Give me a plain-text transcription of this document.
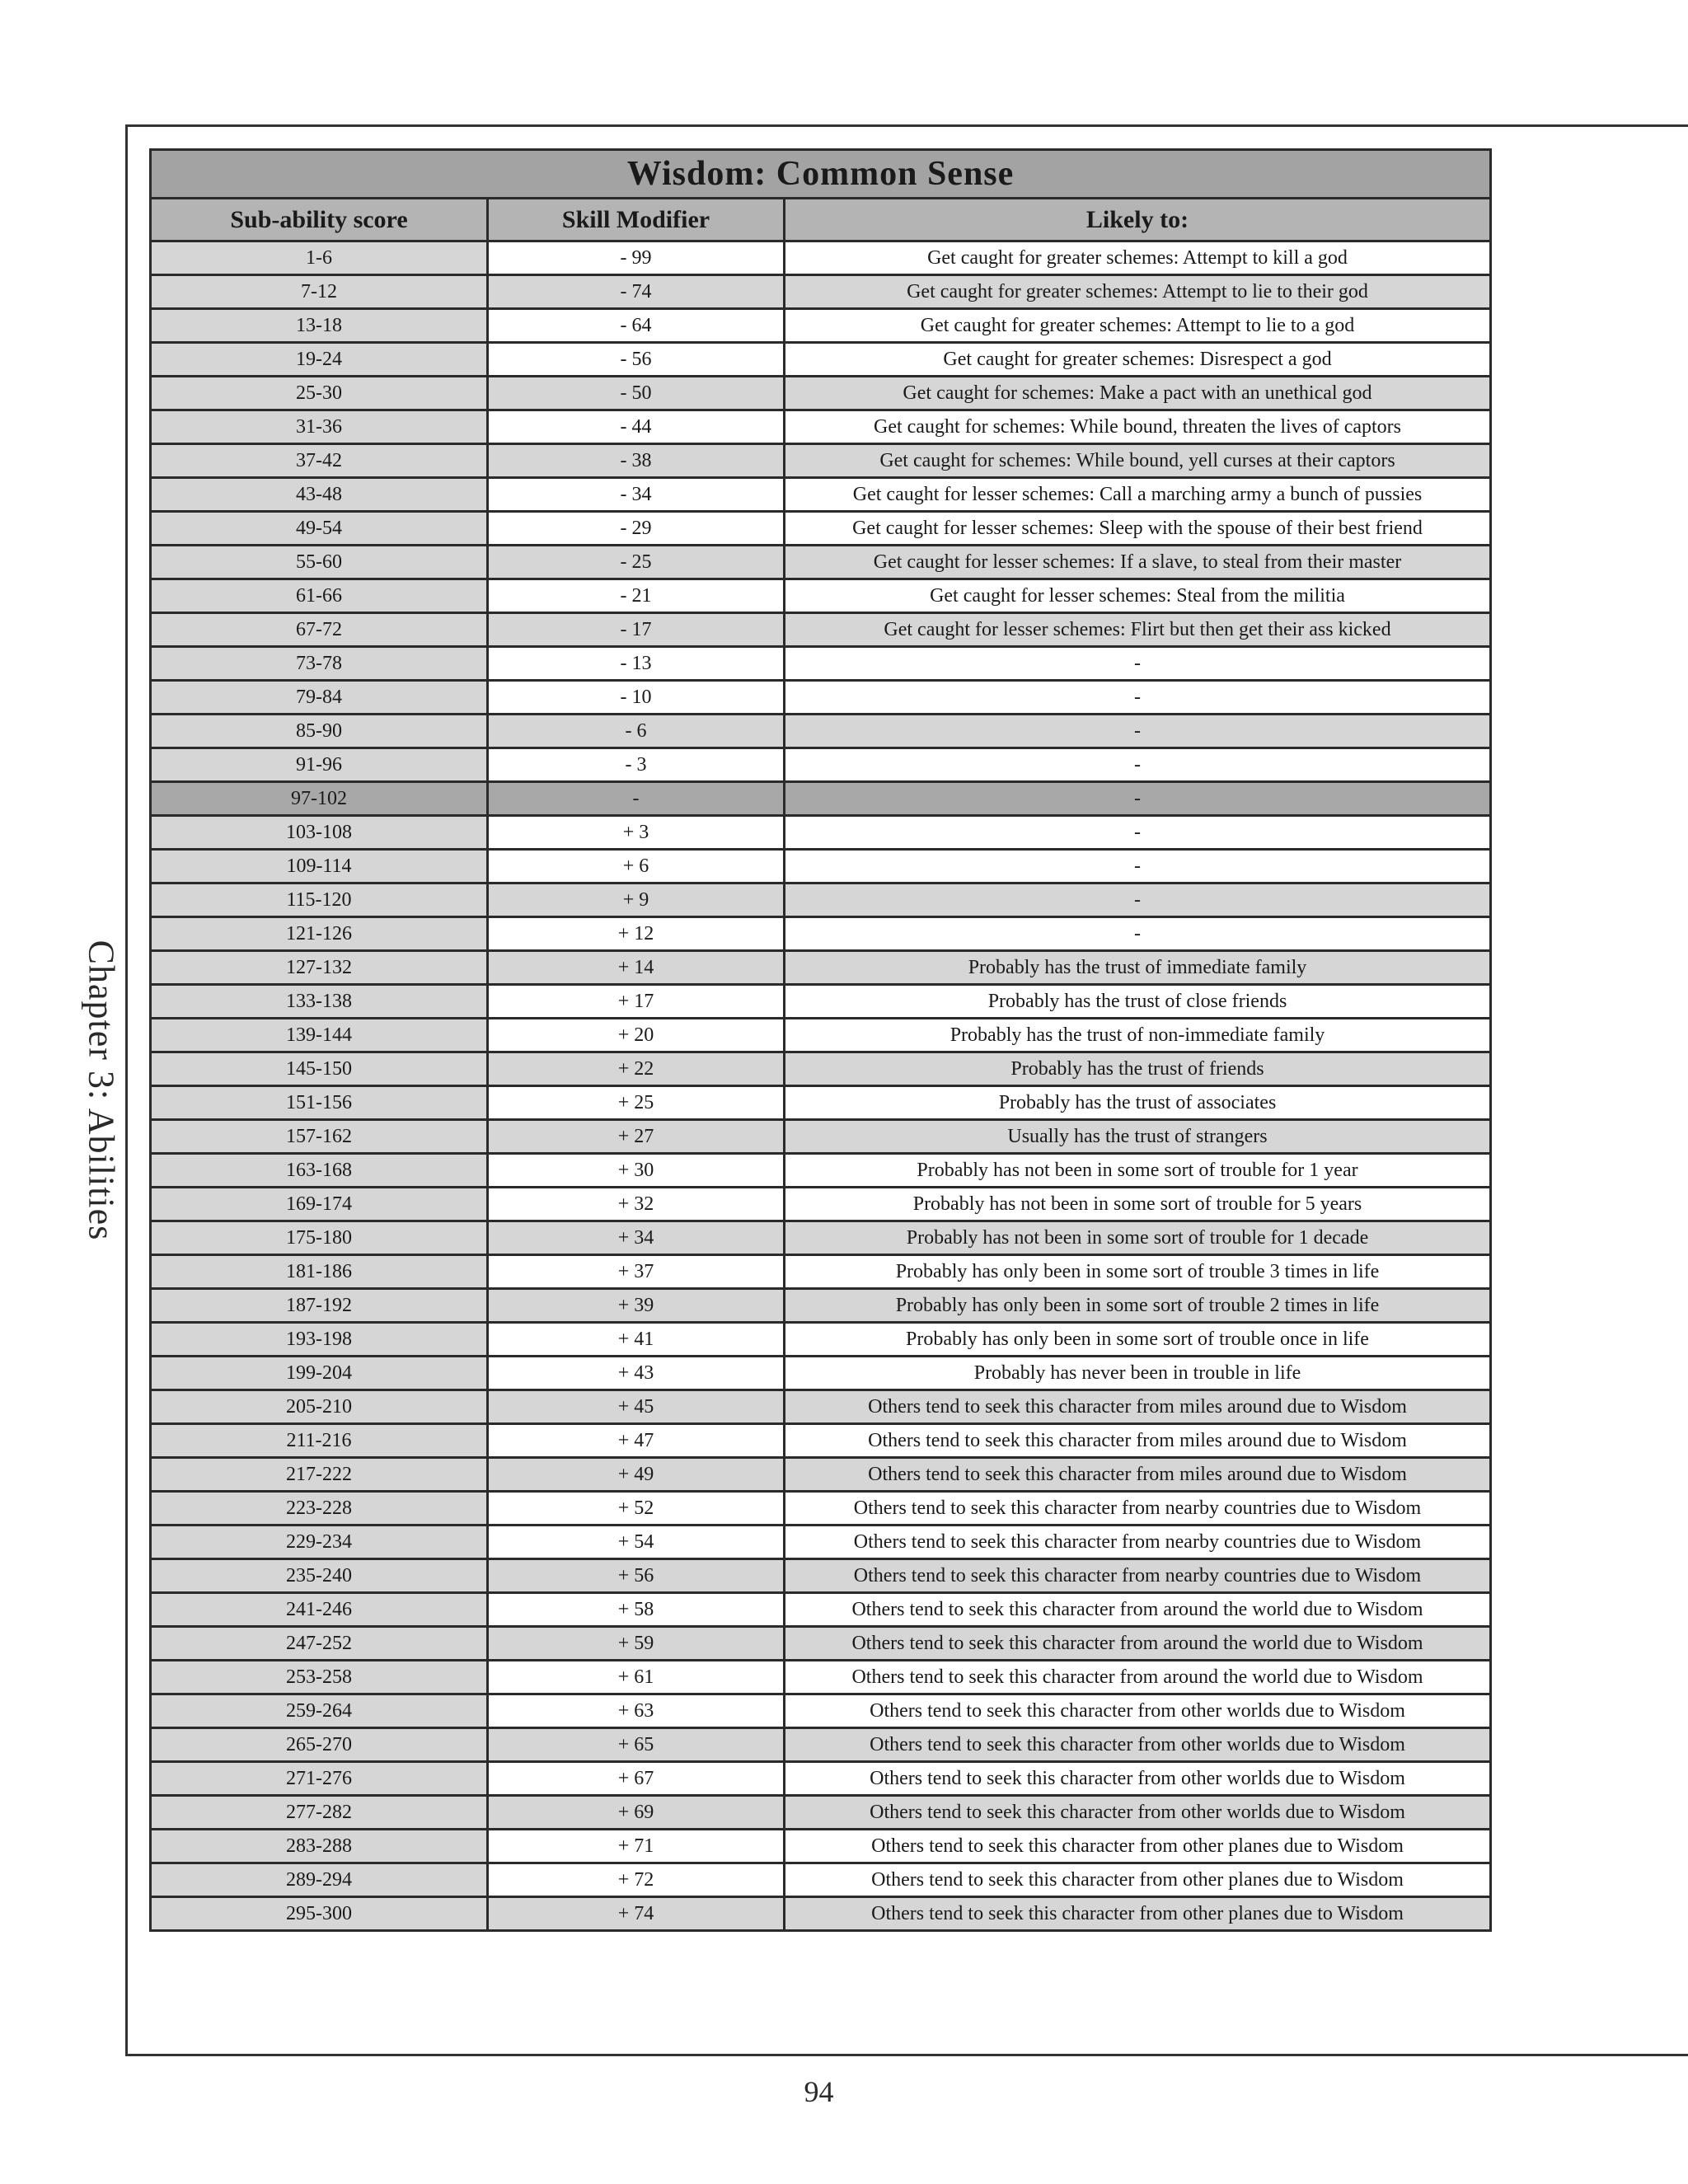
Chapter 3: Abilities
Wisdom: Common Sense		
Sub-ability score	Skill Modifier	Likely to:
1-6	- 99	Get caught for greater schemes: Attempt to kill a god
7-12	- 74	Get caught for greater schemes: Attempt to lie to their god
13-18	- 64	Get caught for greater schemes: Attempt to lie to a god
19-24	- 56	Get caught for greater schemes: Disrespect a god
25-30	- 50	Get caught for schemes: Make a pact with an unethical god
31-36	- 44	Get caught for schemes: While bound, threaten the lives of captors
37-42	- 38	Get caught for schemes: While bound, yell curses at their captors
43-48	- 34	Get caught for lesser schemes: Call a marching army a bunch of pussies
49-54	- 29	Get caught for lesser schemes: Sleep with the spouse of their best friend
55-60	- 25	Get caught for lesser schemes: If a slave, to steal from their master
61-66	- 21	Get caught for lesser schemes: Steal from the militia
67-72	- 17	Get caught for lesser schemes: Flirt but then get their ass kicked
73-78	- 13	-
79-84	- 10	-
85-90	- 6	-
91-96	- 3	-
97-102	-	-
103-108	+ 3	-
109-114	+ 6	-
115-120	+ 9	-
121-126	+ 12	-
127-132	+ 14	Probably has the trust of immediate family
133-138	+ 17	Probably has the trust of close friends
139-144	+ 20	Probably has the trust of non-immediate family
145-150	+ 22	Probably has the trust of friends
151-156	+ 25	Probably has the trust of associates
157-162	+ 27	Usually has the trust of strangers
163-168	+ 30	Probably has not been in some sort of trouble for 1 year
169-174	+ 32	Probably has not been in some sort of trouble for 5 years
175-180	+ 34	Probably has not been in some sort of trouble for 1 decade
181-186	+ 37	Probably has only been in some sort of trouble 3 times in life
187-192	+ 39	Probably has only been in some sort of trouble 2 times in life
193-198	+ 41	Probably has only been in some sort of trouble once in life
199-204	+ 43	Probably has never been in trouble in life
205-210	+ 45	Others tend to seek this character from miles around due to Wisdom
211-216	+ 47	Others tend to seek this character from miles around due to Wisdom
217-222	+ 49	Others tend to seek this character from miles around due to Wisdom
223-228	+ 52	Others tend to seek this character from nearby countries due to Wisdom
229-234	+ 54	Others tend to seek this character from nearby countries due to Wisdom
235-240	+ 56	Others tend to seek this character from nearby countries due to Wisdom
241-246	+ 58	Others tend to seek this character from around the world due to Wisdom
247-252	+ 59	Others tend to seek this character from around the world due to Wisdom
253-258	+ 61	Others tend to seek this character from around the world due to Wisdom
259-264	+ 63	Others tend to seek this character from other worlds due to Wisdom
265-270	+ 65	Others tend to seek this character from other worlds due to Wisdom
271-276	+ 67	Others tend to seek this character from other worlds due to Wisdom
277-282	+ 69	Others tend to seek this character from other worlds due to Wisdom
283-288	+ 71	Others tend to seek this character from other planes due to Wisdom
289-294	+ 72	Others tend to seek this character from other planes due to Wisdom
295-300	+ 74	Others tend to seek this character from other planes due to Wisdom
94
